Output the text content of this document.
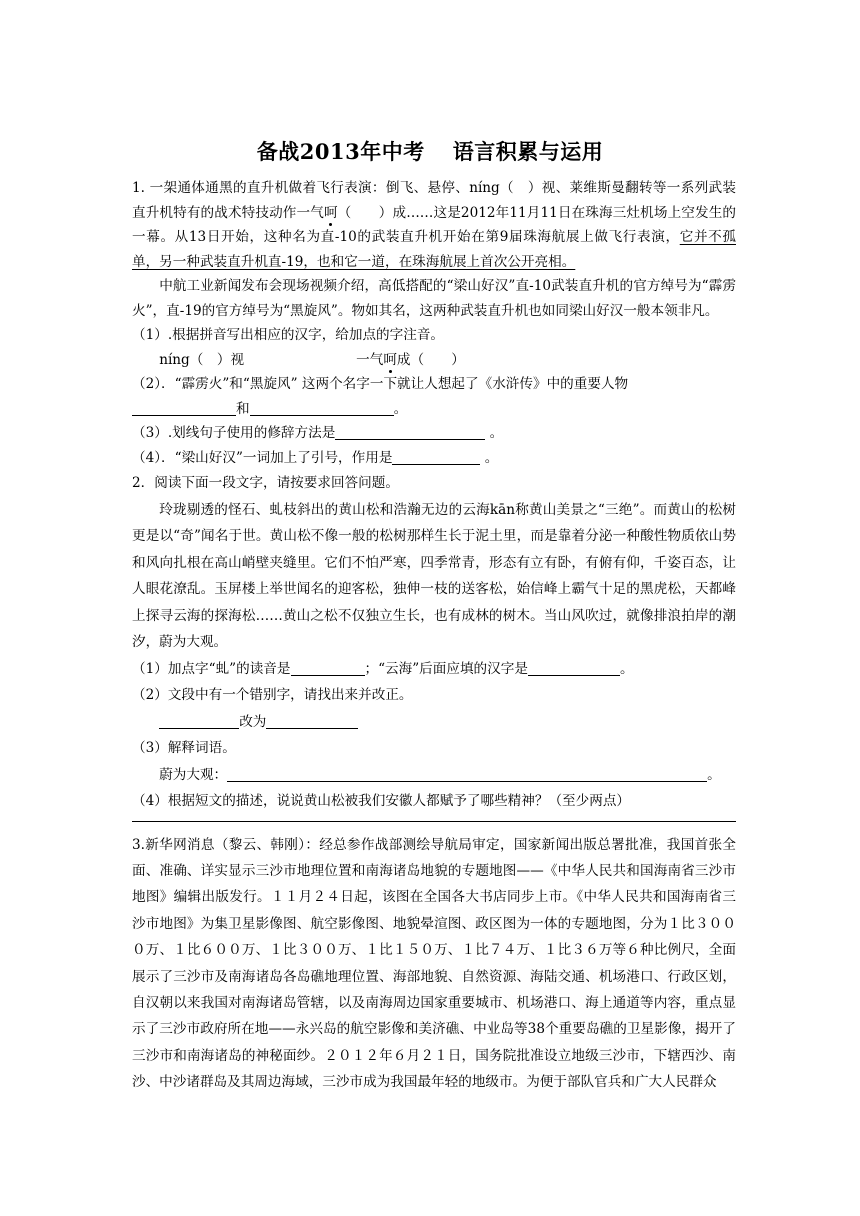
备战2013年中考 语言积累与运用

1. 一架通体通黑的直升机做着飞行表演：倒飞、悬停、níng（　）视、莱维斯曼翻转等一系列武装直升机特有的战术特技动作一气呵（　　）成……这是2012年11月11日在珠海三灶机场上空发生的一幕。从13日开始，这种名为直-10的武装直升机开始在第9届珠海航展上做飞行表演，它并不孤单，另一种武装直升机直-19，也和它一道，在珠海航展上首次公开亮相。

中航工业新闻发布会现场视频介绍，高低搭配的“梁山好汉”直-10武装直升机的官方绰号为“霹雳火”，直-19的官方绰号为“黑旋风”。物如其名，这两种武装直升机也如同梁山好汉一般本领非凡。

（1）.根据拼音写出相应的汉字，给加点的字注音。

níng（　）视	一气呵成（　　）

（2）．“霹雳火”和“黑旋风” 这两个名字一下就让人想起了《水浒传》中的重要人物

和	。

（3）.划线句子使用的修辞方法是	。

（4）．“梁山好汉”一词加上了引号，作用是	。

2．阅读下面一段文字，请按要求回答问题。

玲珑剔透的怪石、虬枝斜出的黄山松和浩瀚无边的云海kān称黄山美景之“三绝”。而黄山的松树更是以“奇”闻名于世。黄山松不像一般的松树那样生长于泥土里，而是靠着分泌一种酸性物质依山势和风向扎根在高山峭壁夹缝里。它们不怕严寒，四季常青，形态有立有卧，有俯有仰，千姿百态，让人眼花潦乱。玉屏楼上举世闻名的迎客松，独伸一枝的送客松，始信峰上霸气十足的黑虎松，天都峰上探寻云海的探海松……黄山之松不仅独立生长，也有成林的树木。当山风吹过，就像排浪拍岸的潮汐，蔚为大观。

（1）加点字“虬”的读音是	；“云海”后面应填的汉字是	。

（2）文段中有一个错别字，请找出来并改正。

改为

（3）解释词语。

蔚为大观：	。

（4）根据短文的描述，说说黄山松被我们安徽人都赋予了哪些精神？（至少两点）

3.新华网消息（黎云、韩刚）：经总参作战部测绘导航局审定，国家新闻出版总署批准，我国首张全面、准确、详实显示三沙市地理位置和南海诸岛地貌的专题地图——《中华人民共和国海南省三沙市地图》编辑出版发行。１１月２４日起，该图在全国各大书店同步上市。《中华人民共和国海南省三沙市地图》为集卫星影像图、航空影像图、地貌晕渲图、政区图为一体的专题地图，分为１比３０００万、１比６００万、１比３００万、１比１５０万、１比７４万、１比３６万等６种比例尺，全面展示了三沙市及南海诸岛各岛礁地理位置、海部地貌、自然资源、海陆交通、机场港口、行政区划，自汉朝以来我国对南海诸岛管辖，以及南海周边国家重要城市、机场港口、海上通道等内容，重点显示了三沙市政府所在地——永兴岛的航空影像和美济礁、中业岛等38个重要岛礁的卫星影像，揭开了三沙市和南海诸岛的神秘面纱。２０１２年６月２１日，国务院批准设立地级三沙市，下辖西沙、南沙、中沙诸群岛及其周边海域，三沙市成为我国最年轻的地级市。为便于部队官兵和广大人民群众
